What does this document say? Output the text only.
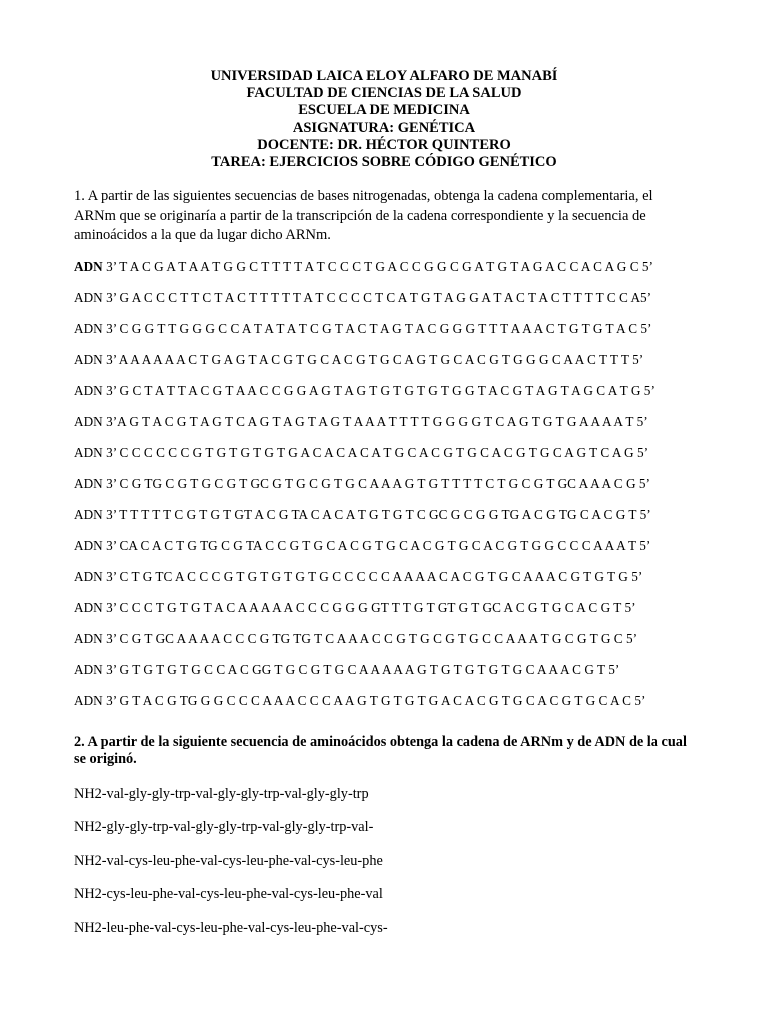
UNIVERSIDAD LAICA ELOY ALFARO DE MANABÍ
FACULTAD DE CIENCIAS DE LA SALUD
ESCUELA DE MEDICINA
ASIGNATURA: GENÉTICA
DOCENTE: DR. HÉCTOR QUINTERO
TAREA: EJERCICIOS SOBRE CÓDIGO GENÉTICO
1. A partir de las siguientes secuencias de bases nitrogenadas, obtenga la cadena complementaria, el ARNm que se originaría a partir de la transcripción de la cadena correspondiente y la secuencia de aminoácidos a la que da lugar dicho ARNm.
ADN 3’ T A C G A T A A T G G C T T T T A T C C C T G A C C G G C G A T G T A G A C C A C A G C 5’
ADN 3’ G A C C C T T C T A C T T T T T A T C C C C T C A T G T A G G A T A C T A C T T T T C C A5’
ADN 3’ C G G T T G G G C C A T A T A T C G T A C T A G T A C G G G T T T A A A C T G T G T A C 5’
ADN 3’ A A A A A A C T G A G T A C G T G C A C G T G C A G T G C A C G T G G G C A A C T T T 5’
ADN 3’ G C T A T T A C G T A A C C G G A G T A G T G T G T G T G G T A C G T A G T A G C A T G 5’
ADN 3’A G T A C G T A G T C A G T A G T A G T A A A T T T T G G G G T C A G T G T G A A A A T 5’
ADN 3’ C C C C C C G T G T G T G T G A C A C A C A T G C A C G T G C A C G T G C A G T C A G 5’
ADN 3’ C G TG C G T G C G T GC G T G C G T G C A A A G T G T T T T C T G C G T GC A A A C G 5’
ADN 3’ T T T T T C G T G T GT A C G TA C A C A T G T G T C GC G C G G TG A C G TG C A C G T 5’
ADN 3’ CA C A C T G TG C G TA C C G T G C A C G T G C A C G T G C A C G T G G C C C A A A T 5’
ADN 3’ C T G TC A C C C G T G T G T G T G C C C C C A A A A C A C G T G C A A A C G T G T G 5’
ADN 3’ C C C T G T G T A C A A A A A C C C G G G GT T T G T GT G T GC A C G T G C A C G T 5’
ADN 3’ C G T GC A A A A C C C G TG TG T C A A A C C G T G C G T G C C A A A T G C G T G C 5’
ADN 3’ G T G T G T G C C A C GG T G C G T G C A A A A A G T G T G T G T G C A A A C G T 5’
ADN 3’ G T A C G TG G G C C C A A A C C C A A G T G T G T G A C A C G T G C A C G T G C A C 5’
2. A partir de la siguiente secuencia de aminoácidos obtenga la cadena de ARNm y de ADN de la cual se originó.
NH2-val-gly-gly-trp-val-gly-gly-trp-val-gly-gly-trp
NH2-gly-gly-trp-val-gly-gly-trp-val-gly-gly-trp-val-
NH2-val-cys-leu-phe-val-cys-leu-phe-val-cys-leu-phe
NH2-cys-leu-phe-val-cys-leu-phe-val-cys-leu-phe-val
NH2-leu-phe-val-cys-leu-phe-val-cys-leu-phe-val-cys-
